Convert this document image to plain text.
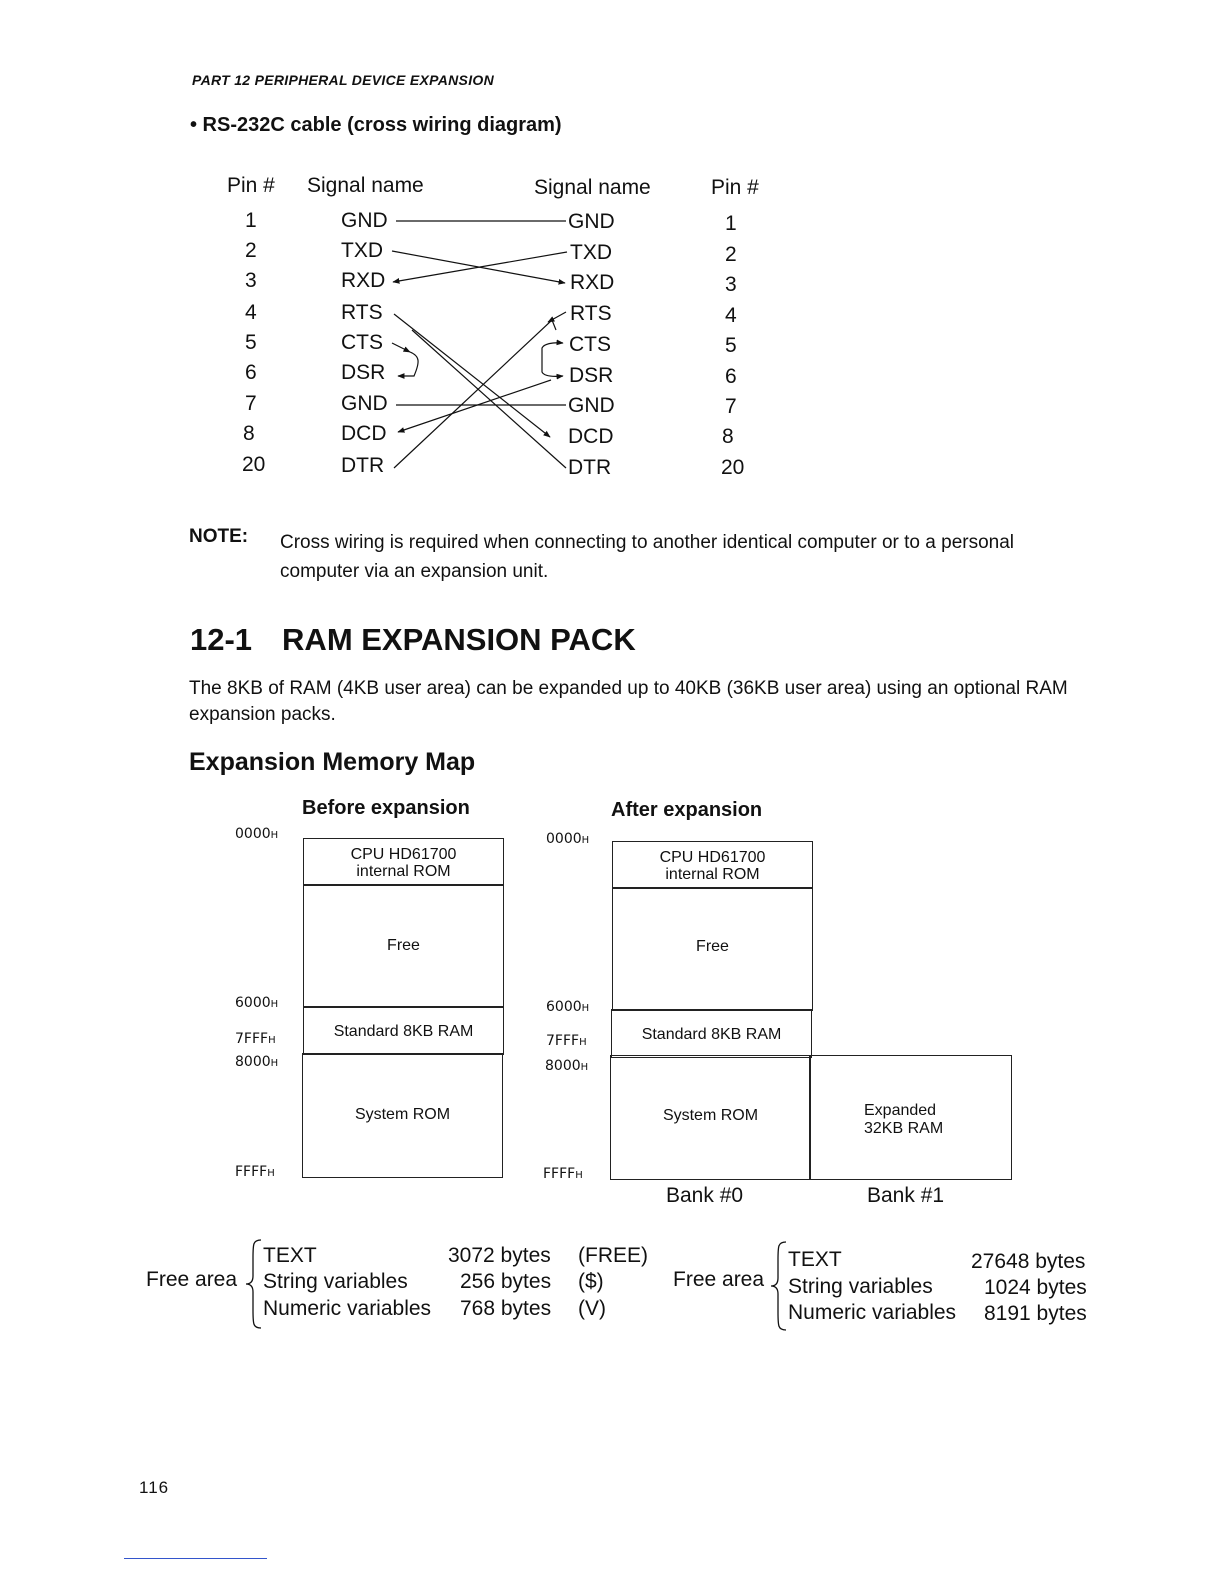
PART 12 PERIPHERAL DEVICE EXPANSION
• RS-232C cable (cross wiring diagram)
Pin # Signal name	Signal name	Pin #
1	GND	GND	1
2	TXD	TXD	2
3	RXD	RXD	3
4	RTS	RTS	4
5	CTS	CTS	5
6	DSR	DSR	6
7	GND	GND	7
8	DCD	DCD	8
20	DTR	DTR	20
NOTE: Cross wiring is required when connecting to another identical computer or to a personal computer via an expansion unit.
12-1 RAM EXPANSION PACK
The 8KB of RAM (4KB user area) can be expanded up to 40KB (36KB user area) using an optional RAM expansion packs.
Expansion Memory Map
Before expansion	After expansion
0000H
6000H
7FFFH
8000H
FFFFH
CPU HD61700
internal ROM
Free
Standard 8KB RAM
System ROM
0000H
6000H
7FFFH
8000H
FFFFH
CPU HD61700
internal ROM
Free
Standard 8KB RAM
System ROM	Expanded
32KB RAM
Bank #0	Bank #1
Free area
TEXT	3072 bytes (FREE)
String variables 256 bytes ($)
Numeric variables 768 bytes (V)
Free area
TEXT	27648 bytes
String variables 1024 bytes
Numeric variables 8191 bytes
116
